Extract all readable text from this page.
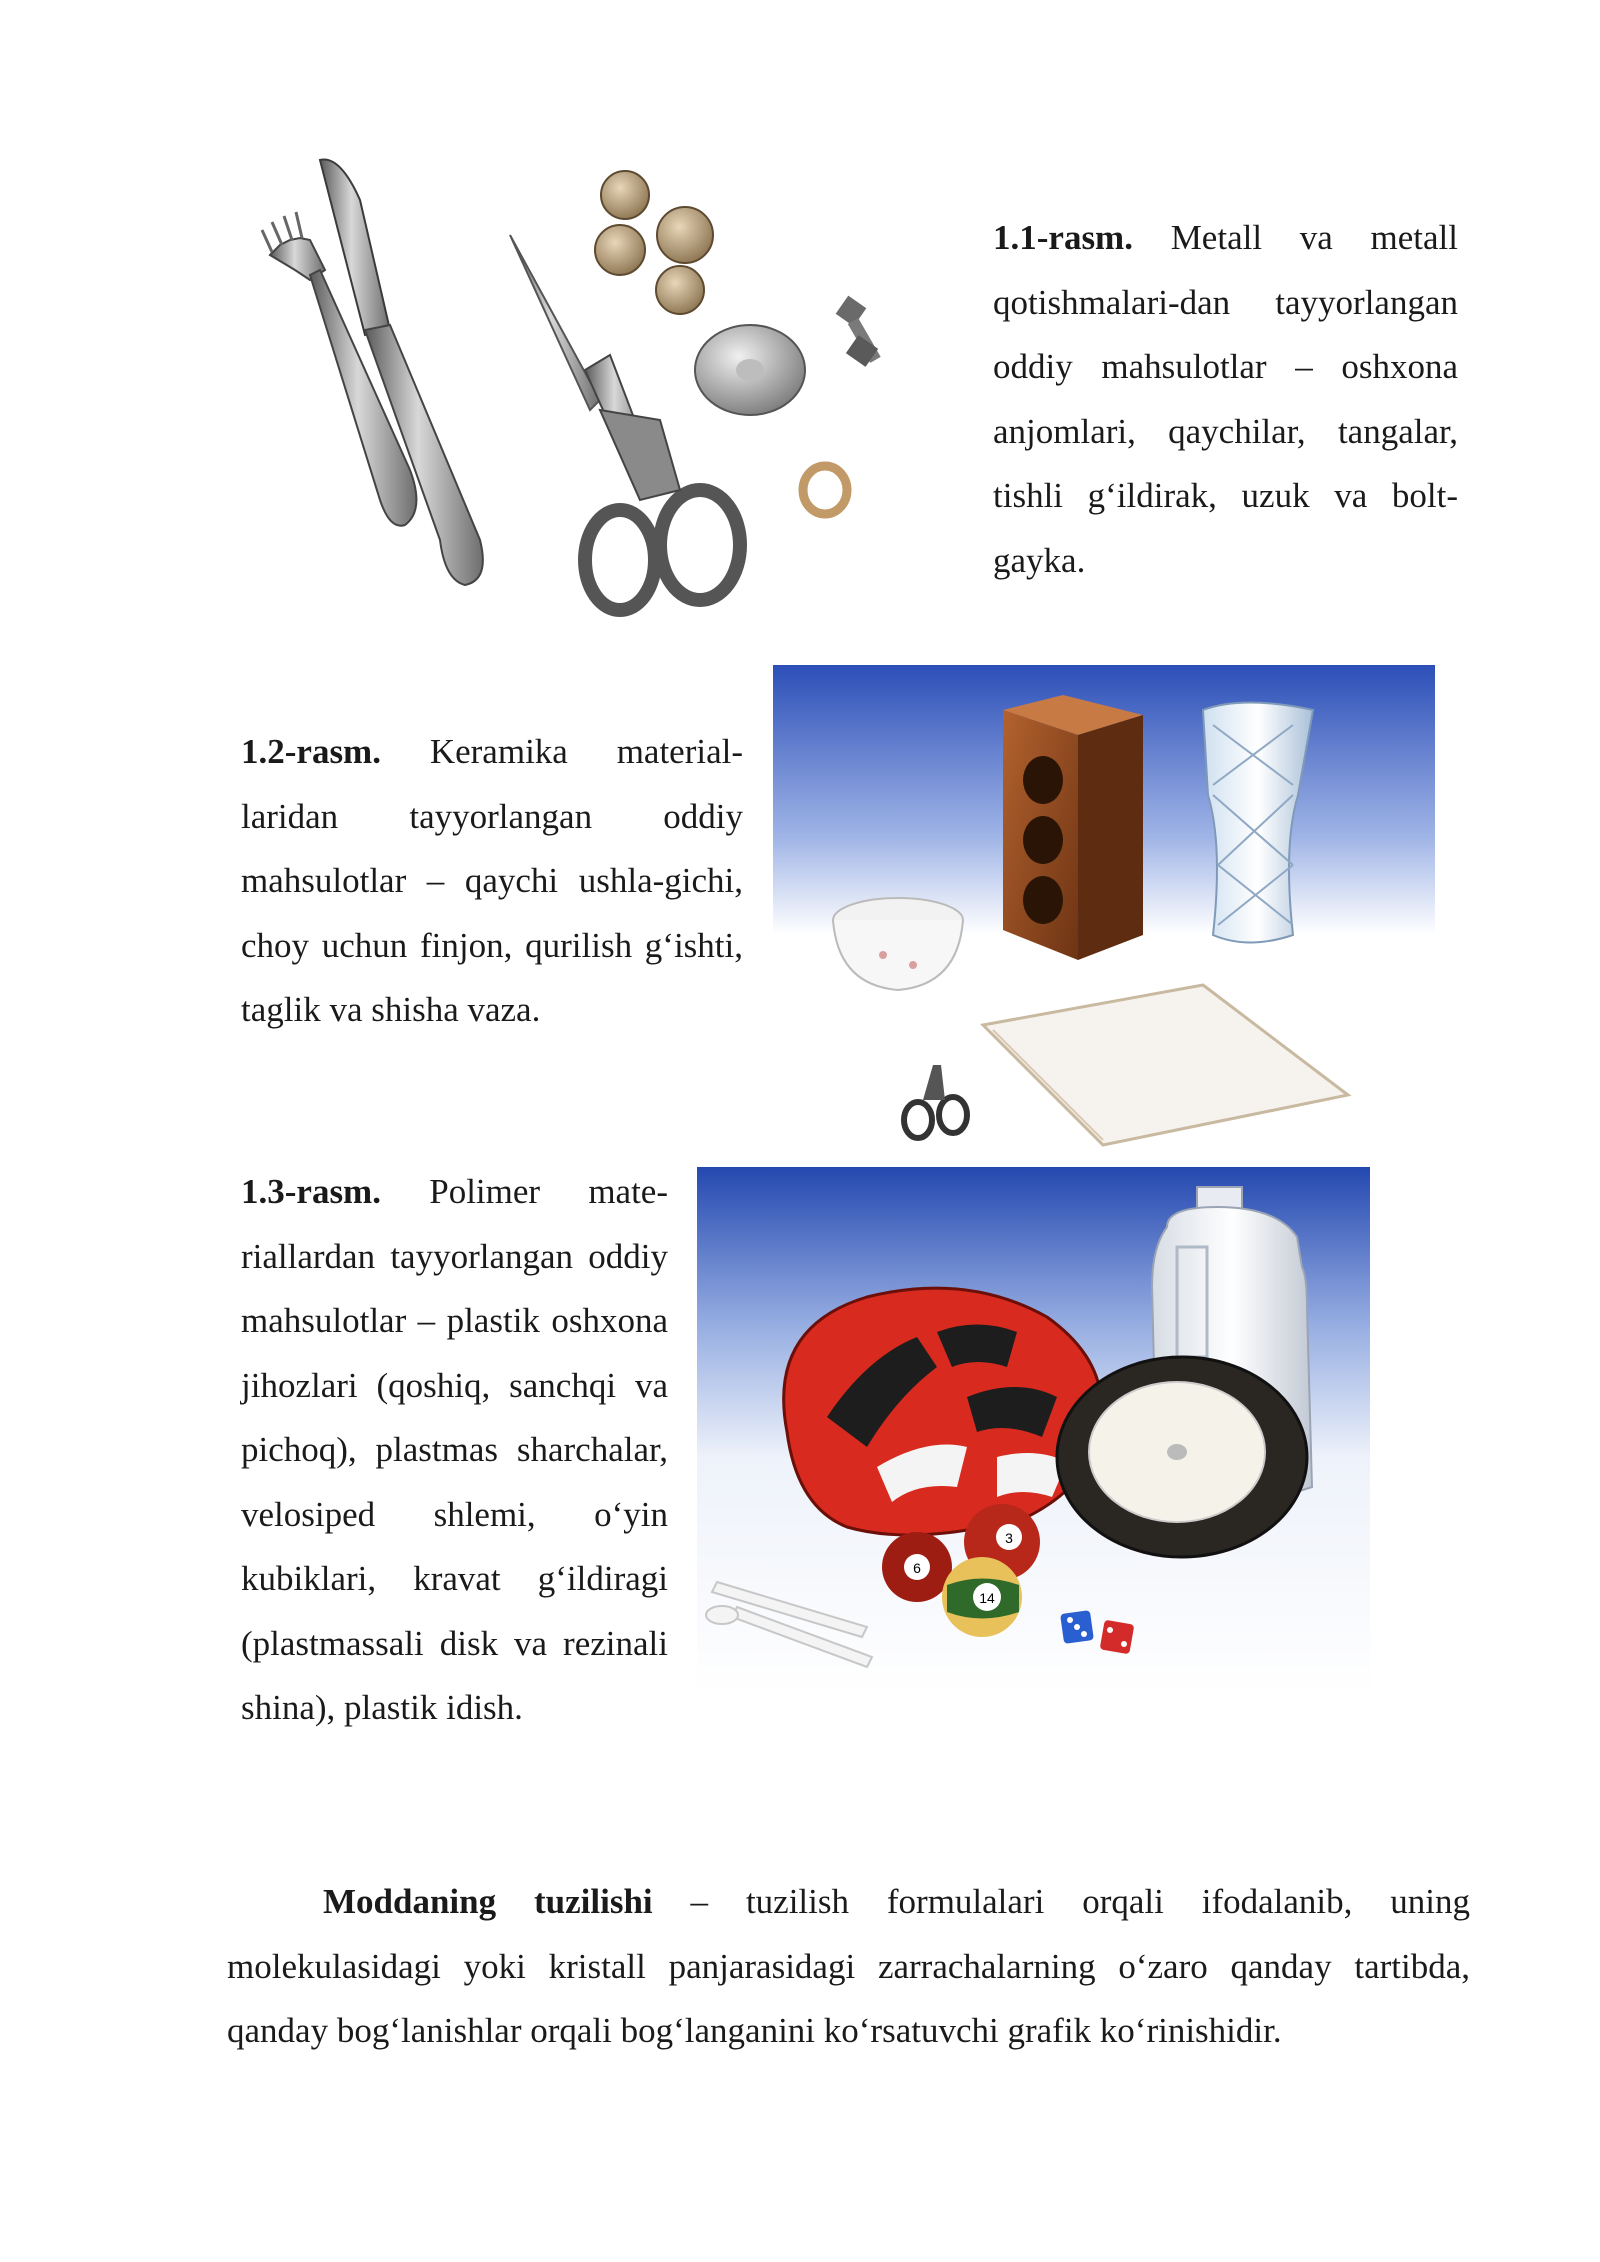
1.1-rasm. Metall va metall qotishmalari-dan tayyorlangan oddiy mahsulotlar – oshxona anjomlari, qaychilar, tangalar, tishli g‘ildirak, uzuk va bolt-gayka.
1.2-rasm. Keramika material-laridan tayyorlangan oddiy mahsulotlar – qaychi ushla-gichi, choy uchun finjon, qurilish g‘ishti, taglik va shisha vaza.
1.3-rasm. Polimer mate-riallardan tayyorlangan oddiy mahsulotlar – plastik oshxona jihozlari (qoshiq, sanchqi va pichoq), plastmas sharchalar, velosiped shlemi, o‘yin kubiklari, kravat g‘ildiragi (plastmassali disk va rezinali shina), plastik idish.
6
3
14
Moddaning tuzilishi – tuzilish formulalari orqali ifodalanib, uning molekulasidagi yoki kristall panjarasidagi zarrachalarning o‘zaro qanday tartibda, qanday bog‘lanishlar orqali bog‘langanini ko‘rsatuvchi grafik ko‘rinishidir.
